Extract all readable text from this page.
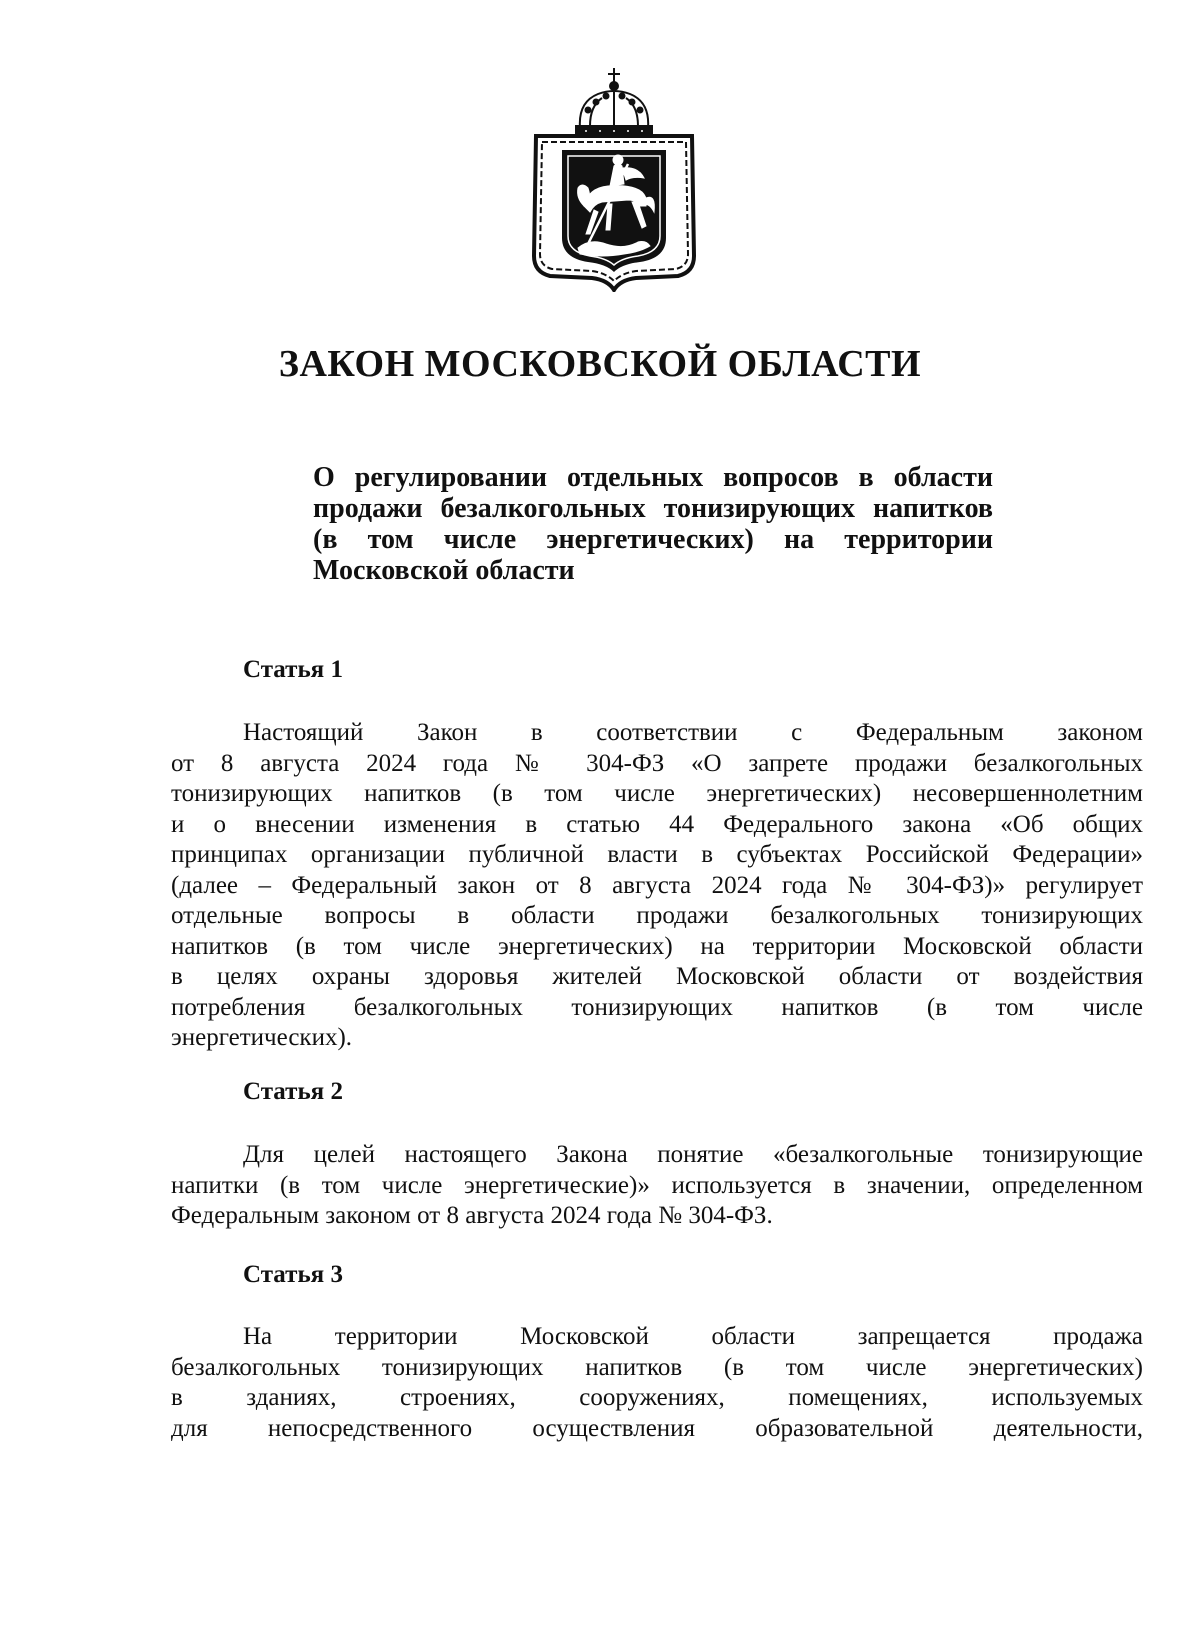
ЗАКОН МОСКОВСКОЙ ОБЛАСТИ
О регулировании отдельных вопросов в области
продажи безалкогольных тонизирующих напитков
(в том числе энергетических) на территории
Московской области
Статья 1
Настоящий Закон в соответствии с Федеральным законом
от 8 августа 2024 года № 304-ФЗ «О запрете продажи безалкогольных
тонизирующих напитков (в том числе энергетических) несовершеннолетним
и о внесении изменения в статью 44 Федерального закона «Об общих
принципах организации публичной власти в субъектах Российской Федерации»
(далее – Федеральный закон от 8 августа 2024 года № 304-ФЗ)» регулирует
отдельные вопросы в области продажи безалкогольных тонизирующих
напитков (в том числе энергетических) на территории Московской области
в целях охраны здоровья жителей Московской области от воздействия
потребления безалкогольных тонизирующих напитков (в том числе
энергетических).
Статья 2
Для целей настоящего Закона понятие «безалкогольные тонизирующие
напитки (в том числе энергетические)» используется в значении, определенном
Федеральным законом от 8 августа 2024 года № 304-ФЗ.
Статья 3
На территории Московской области запрещается продажа
безалкогольных тонизирующих напитков (в том числе энергетических)
в зданиях, строениях, сооружениях, помещениях, используемых
для непосредственного осуществления образовательной деятельности,
